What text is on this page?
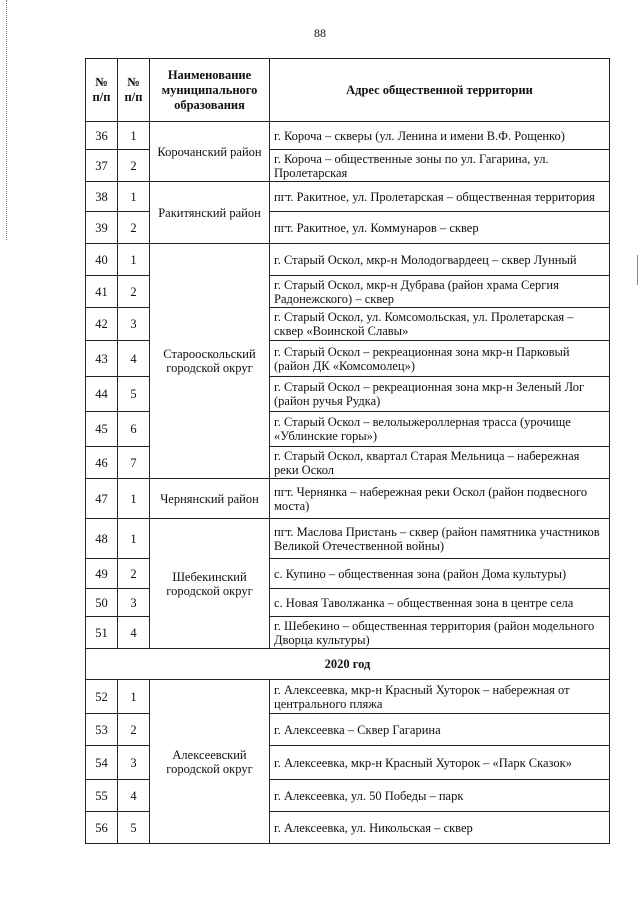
88
№ п/п	№ п/п	Наименование муниципального образования	Адрес общественной территории
36	1	Корочанский район	г. Короча – скверы (ул. Ленина и имени В.Ф. Рощенко)
37	2		г. Короча – общественные зоны по ул. Гагарина, ул. Пролетарская
38	1	Ракитянский район	пгт. Ракитное, ул. Пролетарская – общественная территория
39	2		пгт. Ракитное, ул. Коммунаров – сквер
40	1	Старооскольский городской округ	г. Старый Оскол, мкр-н Молодогвардеец – сквер Лунный
41	2		г. Старый Оскол, мкр-н Дубрава (район храма Сергия Радонежского) – сквер
42	3		г. Старый Оскол, ул. Комсомольская, ул. Пролетарская – сквер «Воинской Славы»
43	4		г. Старый Оскол – рекреационная зона мкр-н Парковый (район ДК «Комсомолец»)
44	5		г. Старый Оскол – рекреационная зона мкр-н Зеленый Лог (район ручья Рудка)
45	6		г. Старый Оскол – велолыжероллерная трасса (урочище «Ублинские горы»)
46	7		г. Старый Оскол, квартал Старая Мельница – набережная реки Оскол
47	1	Чернянский район	пгт. Чернянка – набережная реки Оскол (район подвесного моста)
48	1	Шебекинский городской округ	пгт. Маслова Пристань – сквер (район памятника участников Великой Отечественной войны)
49	2		с. Купино – общественная зона (район Дома культуры)
50	3		с. Новая Таволжанка – общественная зона в центре села
51	4		г. Шебекино – общественная территория (район модельного Дворца культуры)
2020 год			
52	1	Алексеевский городской округ	г. Алексеевка, мкр-н Красный Хуторок – набережная от центрального пляжа
53	2		г. Алексеевка – Сквер Гагарина
54	3		г. Алексеевка, мкр-н Красный Хуторок – «Парк Сказок»
55	4		г. Алексеевка, ул. 50 Победы – парк
56	5		г. Алексеевка, ул. Никольская – сквер
